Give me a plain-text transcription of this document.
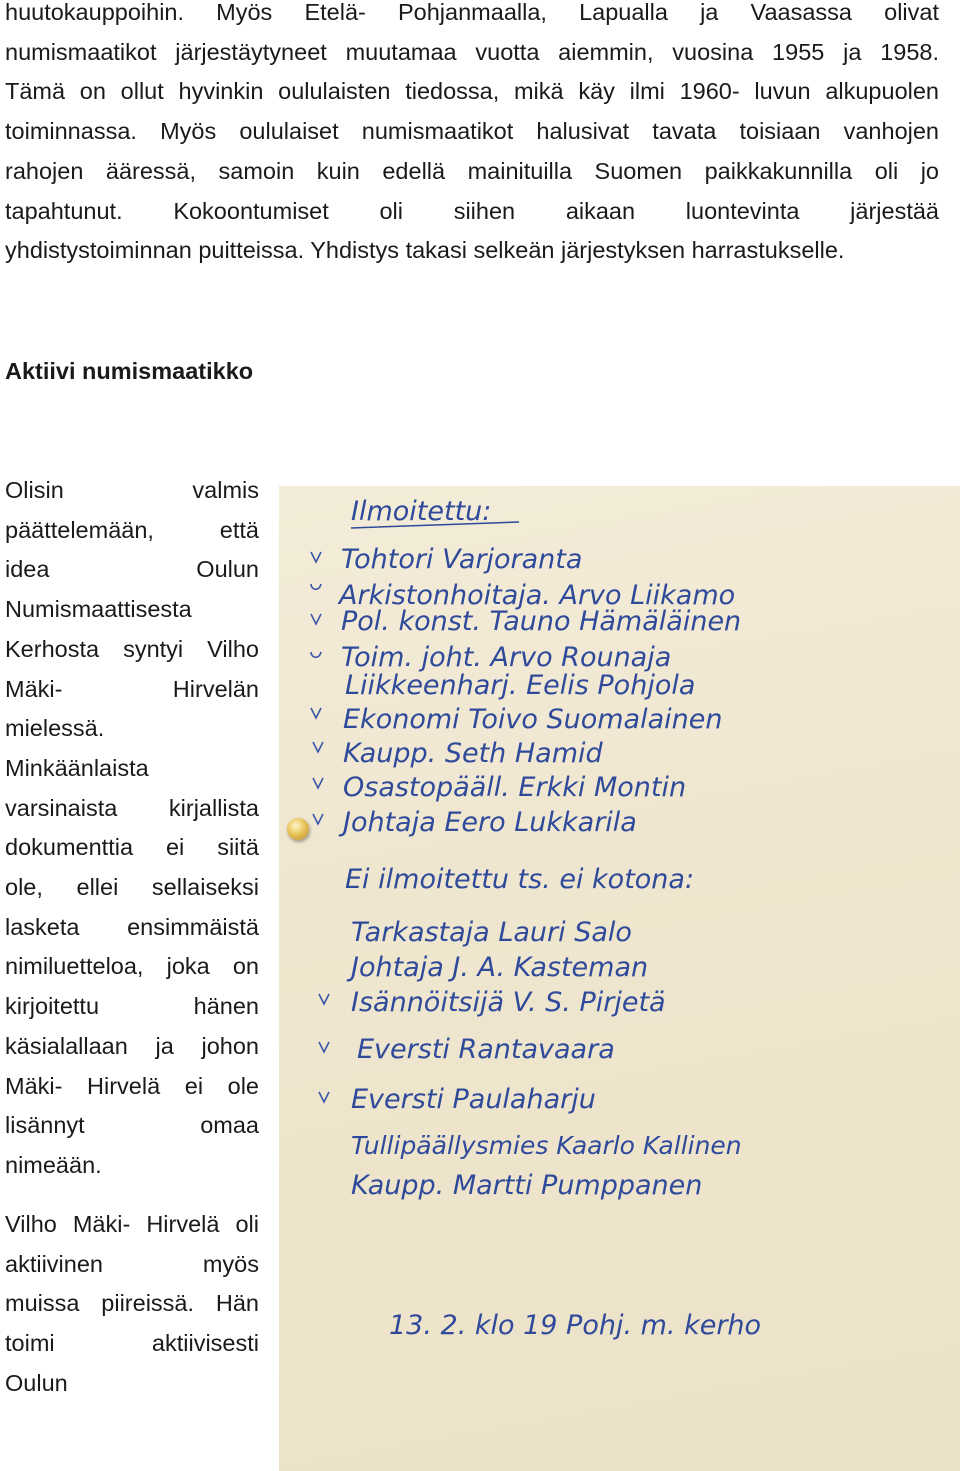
huutokauppoihin. Myös Etelä- Pohjanmaalla, Lapualla ja Vaasassa olivat
numismaatikot järjestäytyneet muutamaa vuotta aiemmin, vuosina 1955 ja 1958.
Tämä on ollut hyvinkin oululaisten tiedossa, mikä käy ilmi 1960- luvun alkupuolen
toiminnassa. Myös oululaiset numismaatikot halusivat tavata toisiaan vanhojen
rahojen ääressä, samoin kuin edellä mainituilla Suomen paikkakunnilla oli jo
tapahtunut. Kokoontumiset oli siihen aikaan luontevinta järjestää
yhdistystoiminnan puitteissa. Yhdistys takasi selkeän järjestyksen harrastukselle.
Aktiivi numismaatikko
Olisin valmis
päättelemään, että
idea Oulun
Numismaattisesta
Kerhosta syntyi Vilho
Mäki- Hirvelän
mielessä.
Minkäänlaista
varsinaista kirjallista
dokumenttia ei siitä
ole, ellei sellaiseksi
lasketa ensimmäistä
nimiluetteloa, joka on
kirjoitettu hänen
käsialallaan ja johon
Mäki- Hirvelä ei ole
lisännyt omaa
nimeään.
Vilho Mäki- Hirvelä oli
aktiivinen myös
muissa piireissä. Hän
toimi aktiivisesti
Oulun
Ilmoitettu:
Tohtori Varjoranta
Arkistonhoitaja. Arvo Liikamo
Pol. konst. Tauno Hämäläinen
Toim. joht. Arvo Rounaja
Liikkeenharj. Eelis Pohjola
Ekonomi Toivo Suomalainen
Kaupp. Seth Hamid
Osastopääll. Erkki Montin
Johtaja Eero Lukkarila
Ei ilmoitettu ts. ei kotona:
Tarkastaja Lauri Salo
Johtaja J. A. Kasteman
Isännöitsijä V. S. Pirjetä
Eversti Rantavaara
Eversti Paulaharju
Tullipäällysmies Kaarlo Kallinen
Kaupp. Martti Pumppanen
13. 2. klo 19 Pohj. m. kerho
